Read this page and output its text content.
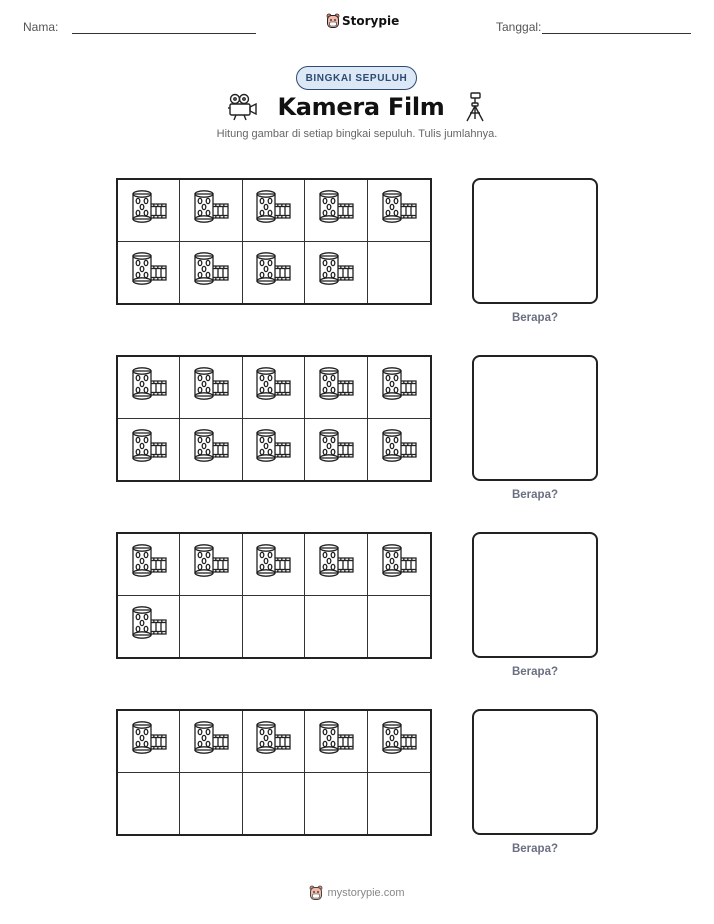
Nama:	Storypie	Tanggal:
BINGKAI SEPULUH
Kamera Film
Hitung gambar di setiap bingkai sepuluh. Tulis jumlahnya.
Berapa?
Berapa?
Berapa?
Berapa?
mystorypie.com
